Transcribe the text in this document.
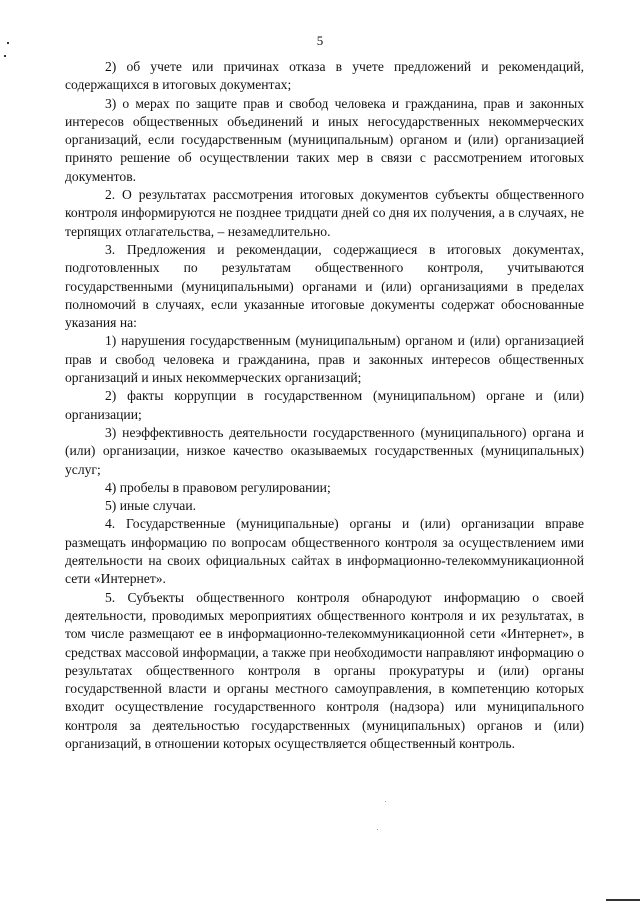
5

2) об учете или причинах отказа в учете предложений и рекомендаций, содержащихся в итоговых документах;

3) о мерах по защите прав и свобод человека и гражданина, прав и законных интересов общественных объединений и иных негосударственных некоммерческих организаций, если государственным (муниципальным) органом и (или) организацией принято решение об осуществлении таких мер в связи с рассмотрением итоговых документов.

2. О результатах рассмотрения итоговых документов субъекты общественного контроля информируются не позднее тридцати дней со дня их получения, а в случаях, не терпящих отлагательства, – незамедлительно.

3. Предложения и рекомендации, содержащиеся в итоговых документах, подготовленных по результатам общественного контроля, учитываются государственными (муниципальными) органами и (или) организациями в пределах полномочий в случаях, если указанные итоговые документы содержат обоснованные указания на:

1) нарушения государственным (муниципальным) органом и (или) организацией прав и свобод человека и гражданина, прав и законных интересов общественных организаций и иных некоммерческих организаций;

2) факты коррупции в государственном (муниципальном) органе и (или) организации;

3) неэффективность деятельности государственного (муниципального) органа и (или) организации, низкое качество оказываемых государственных (муниципальных) услуг;

4) пробелы в правовом регулировании;

5) иные случаи.

4. Государственные (муниципальные) органы и (или) организации вправе размещать информацию по вопросам общественного контроля за осуществлением ими деятельности на своих официальных сайтах в информационно-телекоммуникационной сети «Интернет».

5. Субъекты общественного контроля обнародуют информацию о своей деятельности, проводимых мероприятиях общественного контроля и их результатах, в том числе размещают ее в информационно-телекоммуникационной сети «Интернет», в средствах массовой информации, а также при необходимости направляют информацию о результатах общественного контроля в органы прокуратуры и (или) органы государственной власти и органы местного самоуправления, в компетенцию которых входит осуществление государственного контроля (надзора) или муниципального контроля за деятельностью государственных (муниципальных) органов и (или) организаций, в отношении которых осуществляется общественный контроль.
